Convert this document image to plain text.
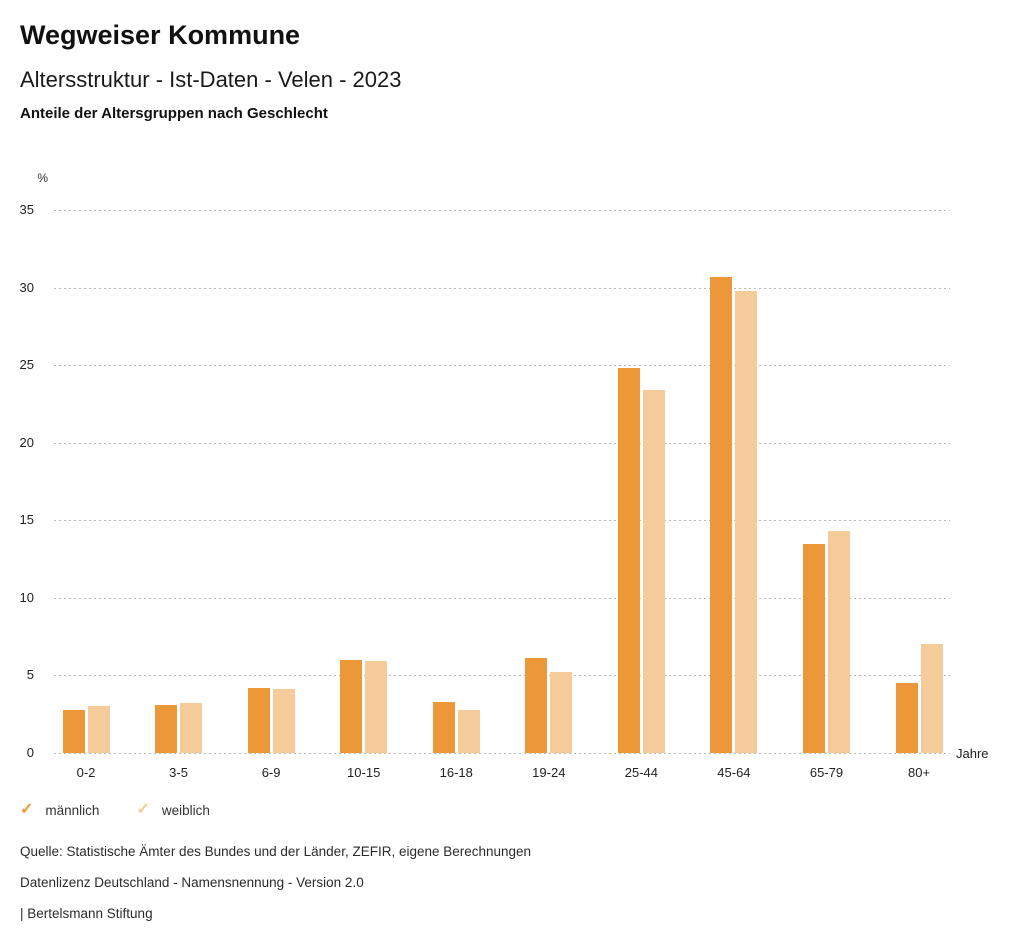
Wegweiser Kommune
Altersstruktur - Ist-Daten - Velen - 2023
Anteile der Altersgruppen nach Geschlecht
%
35
30
25
20
15
10
5
0
0-2	3-5	6-9	10-15	16-18	19-24	25-44	45-64	65-79	80+
Jahre
✓ männlich ✓ weiblich
Quelle: Statistische Ämter des Bundes und der Länder, ZEFIR, eigene Berechnungen
Datenlizenz Deutschland - Namensnennung - Version 2.0
| Bertelsmann Stiftung
